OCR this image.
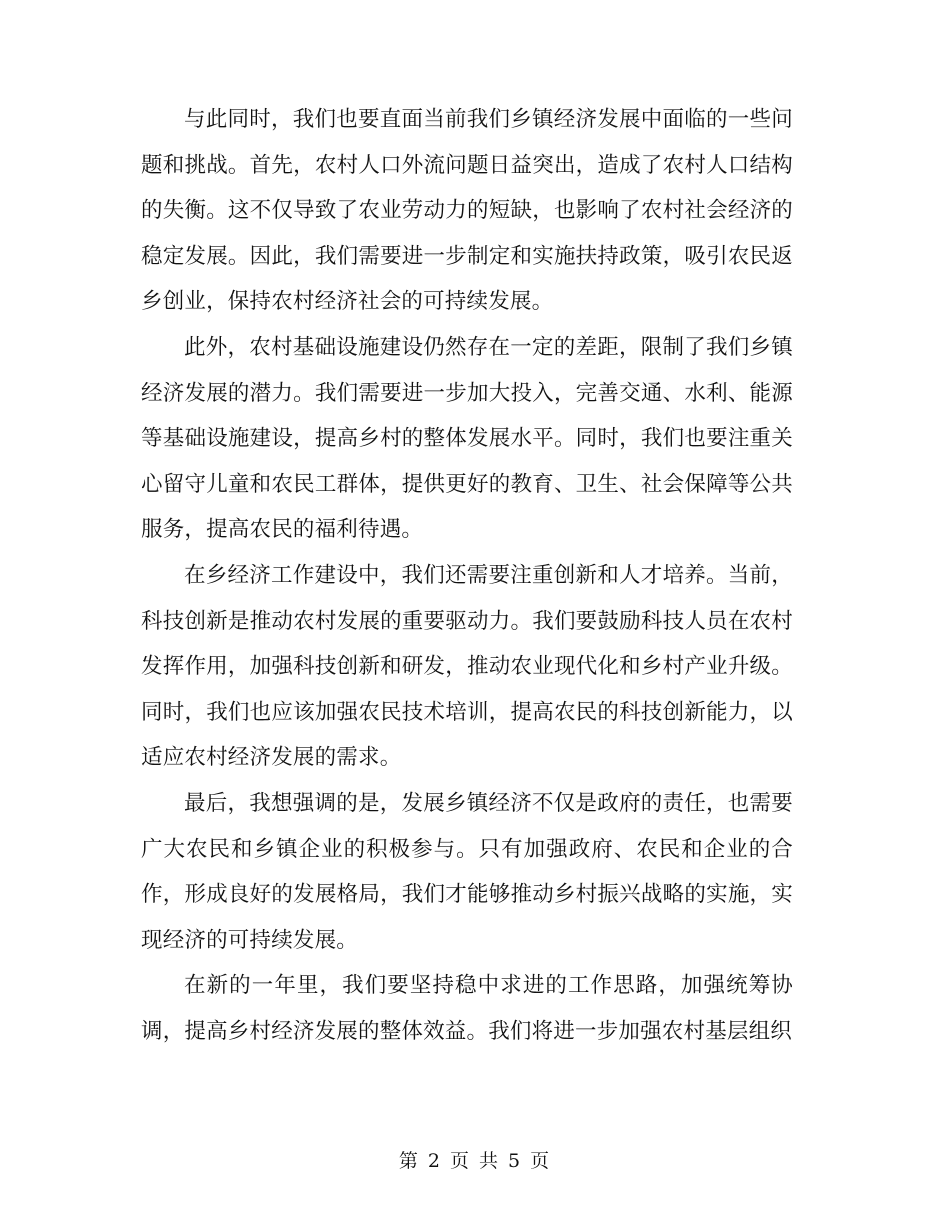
与此同时，我们也要直面当前我们乡镇经济发展中面临的一些问题和挑战。首先，农村人口外流问题日益突出，造成了农村人口结构的失衡。这不仅导致了农业劳动力的短缺，也影响了农村社会经济的稳定发展。因此，我们需要进一步制定和实施扶持政策，吸引农民返乡创业，保持农村经济社会的可持续发展。

此外，农村基础设施建设仍然存在一定的差距，限制了我们乡镇经济发展的潜力。我们需要进一步加大投入，完善交通、水利、能源等基础设施建设，提高乡村的整体发展水平。同时，我们也要注重关心留守儿童和农民工群体，提供更好的教育、卫生、社会保障等公共服务，提高农民的福利待遇。

在乡经济工作建设中，我们还需要注重创新和人才培养。当前，科技创新是推动农村发展的重要驱动力。我们要鼓励科技人员在农村发挥作用，加强科技创新和研发，推动农业现代化和乡村产业升级。同时，我们也应该加强农民技术培训，提高农民的科技创新能力，以适应农村经济发展的需求。

最后，我想强调的是，发展乡镇经济不仅是政府的责任，也需要广大农民和乡镇企业的积极参与。只有加强政府、农民和企业的合作，形成良好的发展格局，我们才能够推动乡村振兴战略的实施，实现经济的可持续发展。

在新的一年里，我们要坚持稳中求进的工作思路，加强统筹协调，提高乡村经济发展的整体效益。我们将进一步加强农村基层组织

第 2 页 共 5 页
